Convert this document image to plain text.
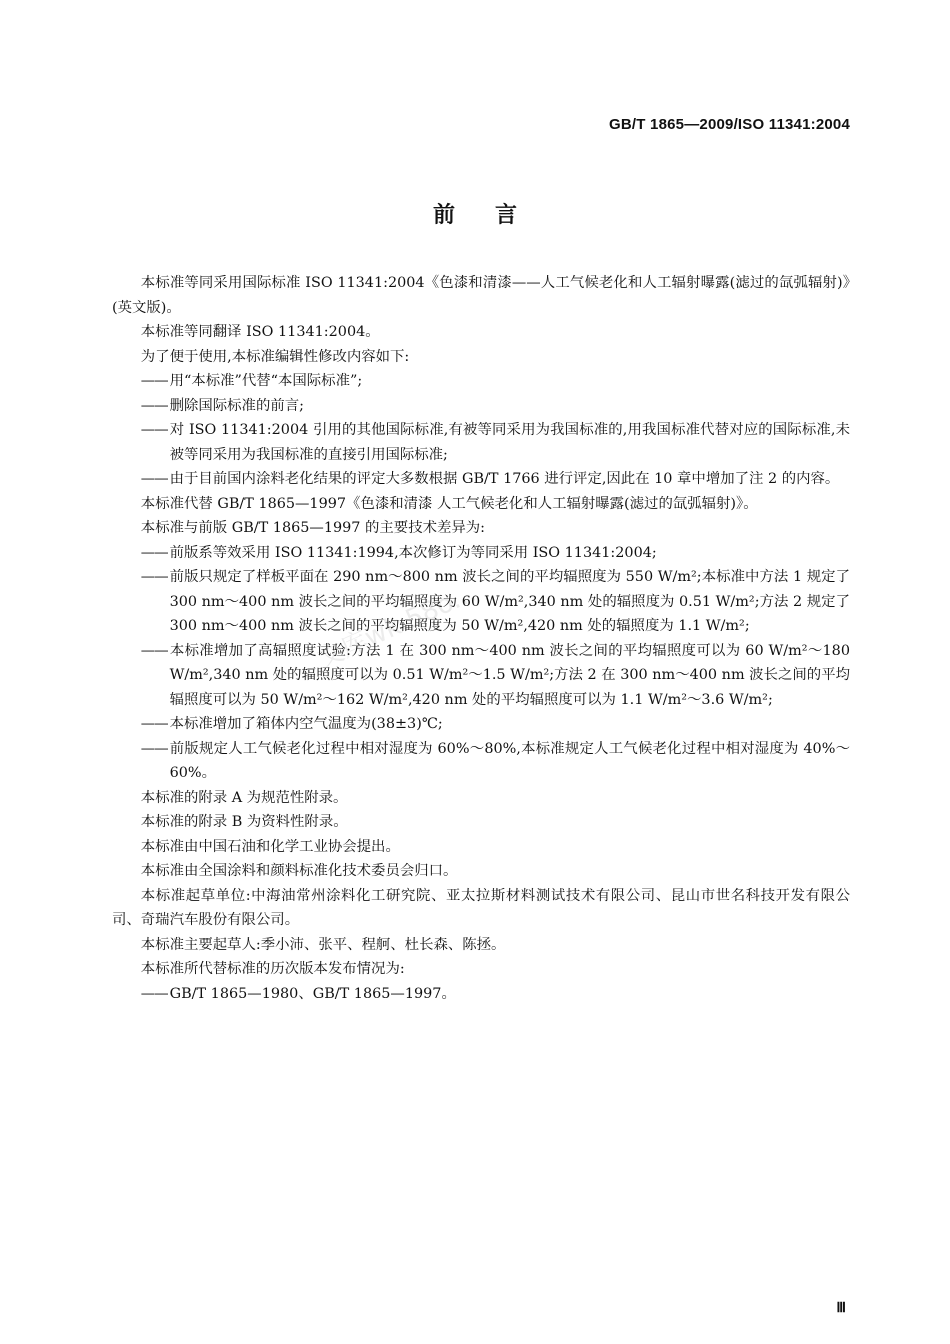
GB/T 1865—2009/ISO 11341:2004
前言
文库wk.58o...

本标准等同采用国际标准 ISO 11341:2004《色漆和清漆——人工气候老化和人工辐射曝露(滤过的氙弧辐射)》(英文版)。

本标准等同翻译 ISO 11341:2004。

为了便于使用,本标准编辑性修改内容如下:

—— 用“本标准”代替“本国际标准”;

—— 删除国际标准的前言;

—— 对 ISO 11341:2004 引用的其他国际标准,有被等同采用为我国标准的,用我国标准代替对应的国际标准,未被等同采用为我国标准的直接引用国际标准;

—— 由于目前国内涂料老化结果的评定大多数根据 GB/T 1766 进行评定,因此在 10 章中增加了注 2 的内容。

本标准代替 GB/T 1865—1997《色漆和清漆 人工气候老化和人工辐射曝露(滤过的氙弧辐射)》。

本标准与前版 GB/T 1865—1997 的主要技术差异为:

—— 前版系等效采用 ISO 11341:1994,本次修订为等同采用 ISO 11341:2004;

—— 前版只规定了样板平面在 290 nm～800 nm 波长之间的平均辐照度为 550 W/m²;本标准中方法 1 规定了 300 nm～400 nm 波长之间的平均辐照度为 60 W/m²,340 nm 处的辐照度为 0.51 W/m²;方法 2 规定了 300 nm～400 nm 波长之间的平均辐照度为 50 W/m²,420 nm 处的辐照度为 1.1 W/m²;

—— 本标准增加了高辐照度试验:方法 1 在 300 nm～400 nm 波长之间的平均辐照度可以为 60 W/m²～180 W/m²,340 nm 处的辐照度可以为 0.51 W/m²～1.5 W/m²;方法 2 在 300 nm～400 nm 波长之间的平均辐照度可以为 50 W/m²～162 W/m²,420 nm 处的平均辐照度可以为 1.1 W/m²～3.6 W/m²;

—— 本标准增加了箱体内空气温度为(38±3)℃;

—— 前版规定人工气候老化过程中相对湿度为 60%～80%,本标准规定人工气候老化过程中相对湿度为 40%～60%。

本标准的附录 A 为规范性附录。

本标准的附录 B 为资料性附录。

本标准由中国石油和化学工业协会提出。

本标准由全国涂料和颜料标准化技术委员会归口。

本标准起草单位:中海油常州涂料化工研究院、亚太拉斯材料测试技术有限公司、昆山市世名科技开发有限公司、奇瑞汽车股份有限公司。

本标准主要起草人:季小沛、张平、程舸、杜长森、陈拯。

本标准所代替标准的历次版本发布情况为:

—— GB/T 1865—1980、GB/T 1865—1997。

Ⅲ
